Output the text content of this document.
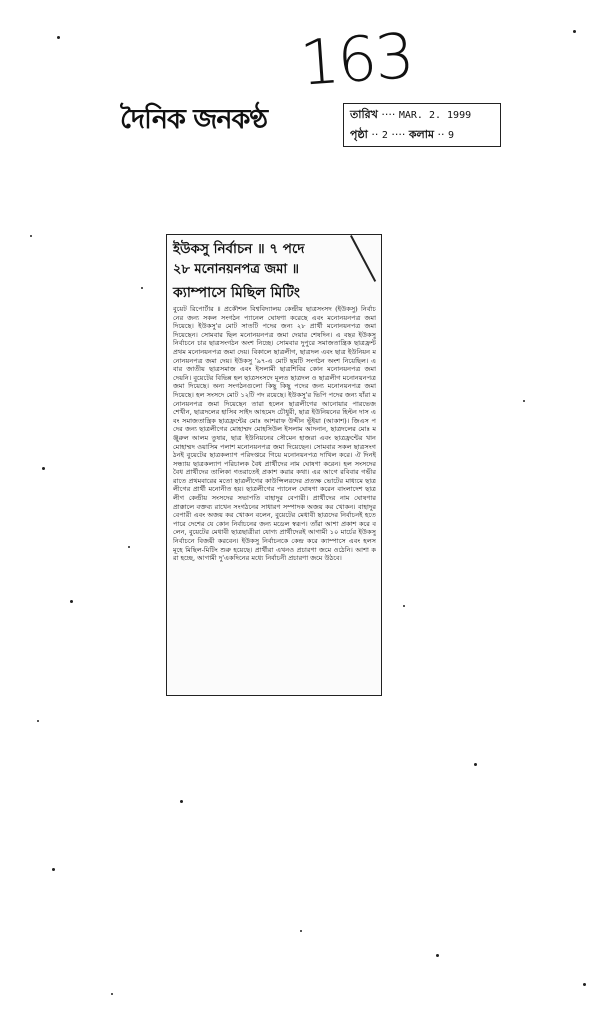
163
দৈনিক জনকণ্ঠ	তারিখ ···· MAR. 2. 1999
পৃষ্ঠা ·· 2 ···· কলাম ·· 9
ইউকসু নির্বাচন ॥ ৭ পদে
২৮ মনোনয়নপত্র জমা ॥
ক্যাম্পাসে মিছিল মিটিং
বুয়েট রিপোর্টার ॥ প্রকৌশল বিশ্ববিদ্যালয় কেন্দ্রীয় ছাত্রসংসদ (ইউকসু) নির্বাচনের জন্য সকল সংগঠন প্যানেল ঘোষণা করেছে এবং মনোনয়নপত্র জমা দিয়েছে। ইউকসু'র মোট সাতটি পদের জন্য ২৮ প্রার্থী মনোনয়নপত্র জমা দিয়েছেন। সোমবার ছিল মনোনয়নপত্র জমা দেয়ার শেষদিন। এ বছর ইউকসু নির্বাচনে চার ছাত্রসংগঠন অংশ নিচ্ছে। সোমবার দুপুরে সমাজতান্ত্রিক ছাত্রফ্রন্ট প্রথম মনোনয়নপত্র জমা দেয়। বিকালে ছাত্রলীগ, ছাত্রদল এবং ছাত্র ইউনিয়ন মনোনয়নপত্র জমা দেয়। ইউকসু '৯৭-এ মোট ছয়টি সংগঠন অংশ নিয়েছিল। এবার জাতীয় ছাত্রসমাজ এবং ইসলামী ছাত্রশিবির কোন মনোনয়নপত্র জমা দেয়নি। বুয়েটের বিভিন্ন হল ছাত্রসংসদে মূলত ছাত্রদল ও ছাত্রলীগ মনোনয়নপত্র জমা দিয়েছে। অন্য সংগঠনগুলো কিছু কিছু পদের জন্য মনোনয়নপত্র জমা দিয়েছে। হল সংসদে মোট ১২টি পদ রয়েছে। ইউকসু'র ভিপি পদের জন্য যাঁরা মনোনয়নপত্র জমা দিয়েছেন তারা হলেন ছাত্রলীগের আনোয়ার পারভেজ শেখীন, ছাত্রদলের হাসিব সাইদ আহমেদ চৌধুরী, ছাত্র ইউনিয়নের হিল্টন দাস এবং সমাজতান্ত্রিক ছাত্রফ্রন্টের মোঃ আশরাফ উদ্দীন ভূঁইয়া (আকাশ)। জিএস পদের জন্য ছাত্রলীগের মোহাম্মদ মোহসিউল ইসলাম আদনান, ছাত্রদলের মোঃ মঞ্জুরুল আলম তুষার, ছাত্র ইউনিয়নের সৌমেন হাজরা এবং ছাত্রফ্রন্টের খান মোহাম্মদ ওয়াসিম পলাশ মনোনয়নপত্র জমা দিয়েছেন। সোমবার সকল ছাত্রসংগঠনই বুয়েটের ছাত্রকল্যাণ পরিদপ্তরে গিয়ে মনোনয়নপত্র দাখিল করে। ঐ দিনই সন্ধ্যায় ছাত্রকল্যাণ পরিচালক বৈধ প্রার্থীদের নাম ঘোষণা করেন। হল সংসদের বৈধ প্রার্থীদের তালিকা গতরাতেই প্রকাশ করার কথা। এর আগে রবিবার গভীর রাতে প্রথমবারের মতো ছাত্রলীগের কাউন্সিলরদের প্রত্যক্ষ ভোটের মাধ্যমে ছাত্রলীগের প্রার্থী মনোনীত হয়। ছাত্রলীগের প্যানেল ঘোষণা করেন বাংলাদেশ ছাত্রলীগ কেন্দ্রীয় সংসদের সভাপতি বাহাদুর বেপারী। প্রার্থীদের নাম ঘোষণার প্রাক্কালে বক্তব্য রাখেন সংগঠনের সাধারণ সম্পাদক অজয় কর খোকন। বাহাদুর বেপারী এবং অজয় কর খোকন বলেন, বুয়েটের মেধাবী ছাত্রদের নির্বাচনই হতে পারে দেশের যে কোন নির্বাচনের জন্য মডেল স্বরূপ। তাঁরা আশা প্রকাশ করে বলেন, বুয়েটের মেধাবী ছাত্রছাত্রীরা যোগ্য প্রার্থীদেরই আগামী ১০ মার্চের ইউকসু নির্বাচনে বিজয়ী করবেন। ইউকসু নির্বাচনকে কেন্দ্র করে ক্যাম্পাসে এবং হলসমূহে মিছিল-মিটিং শুরু হয়েছে। প্রার্থীরা এখনও প্রচারণা জমে ওঠেনি। আশা করা হচ্ছে, আগামী দু'একদিনের মধ্যে নির্বাচনী প্রচারণা জমে উঠবে।
